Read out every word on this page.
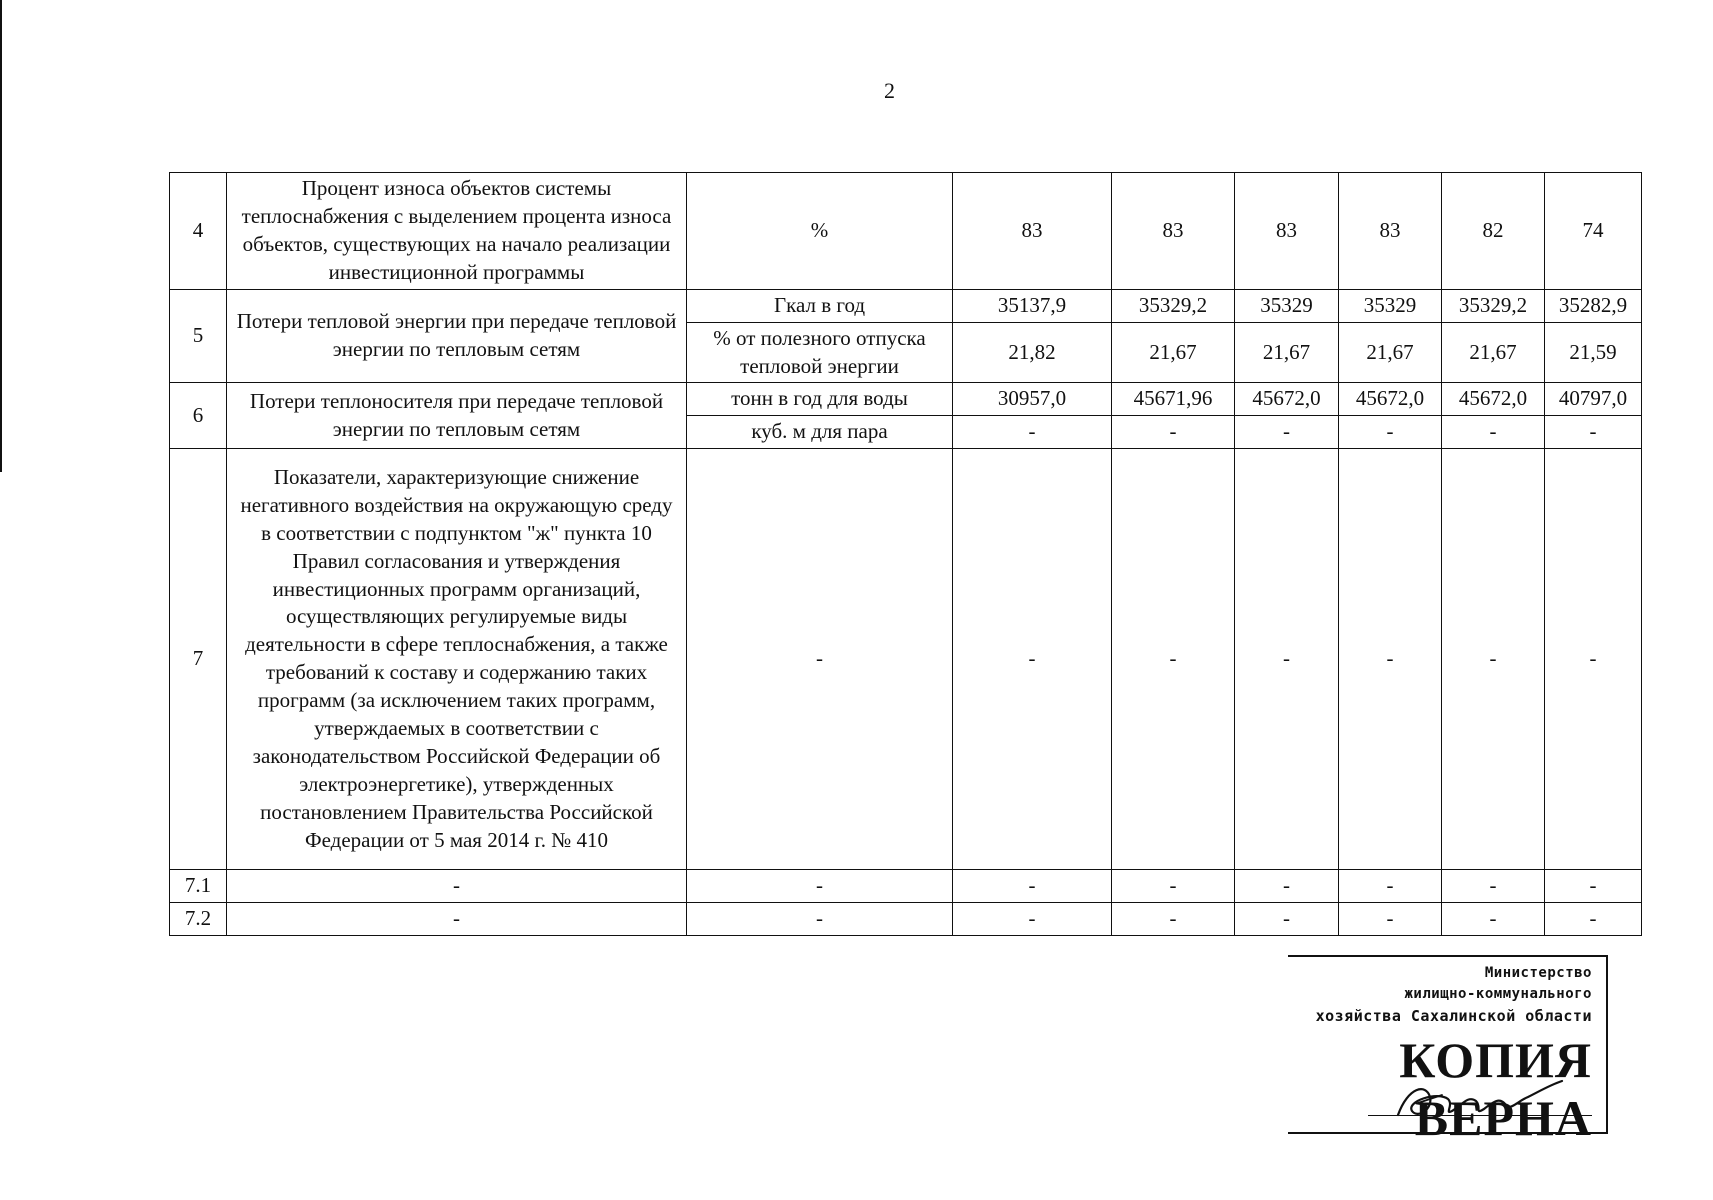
2
4	Процент износа объектов системы теплоснабжения с выделением процента износа объектов, существующих на начало реализации инвестиционной программы	%	83	83	83	83	82	74
5	Потери тепловой энергии при передаче тепловой энергии по тепловым сетям	Гкал в год	35137,9	35329,2	35329	35329	35329,2	35282,9
		% от полезного отпуска тепловой энергии	21,82	21,67	21,67	21,67	21,67	21,59
6	Потери теплоносителя при передаче тепловой энергии по тепловым сетям	тонн в год для воды	30957,0	45671,96	45672,0	45672,0	45672,0	40797,0
		куб. м для пара	-	-	-	-	-	-
7	Показатели, характеризующие снижение негативного воздействия на окружающую среду в соответствии с подпунктом "ж" пункта 10 Правил согласования и утверждения инвестиционных программ организаций, осуществляющих регулируемые виды деятельности в сфере теплоснабжения, а также требований к составу и содержанию таких программ (за исключением таких программ, утверждаемых в соответствии с законодательством Российской Федерации об электроэнергетике), утвержденных постановлением Правительства Российской Федерации от 5 мая 2014 г. № 410	-	-	-	-	-	-	-
7.1	-	-	-	-	-	-	-	-
7.2	-	-	-	-	-	-	-	-
Министерство
жилищно-коммунального
хозяйства Сахалинской области
КОПИЯ ВЕРНА
